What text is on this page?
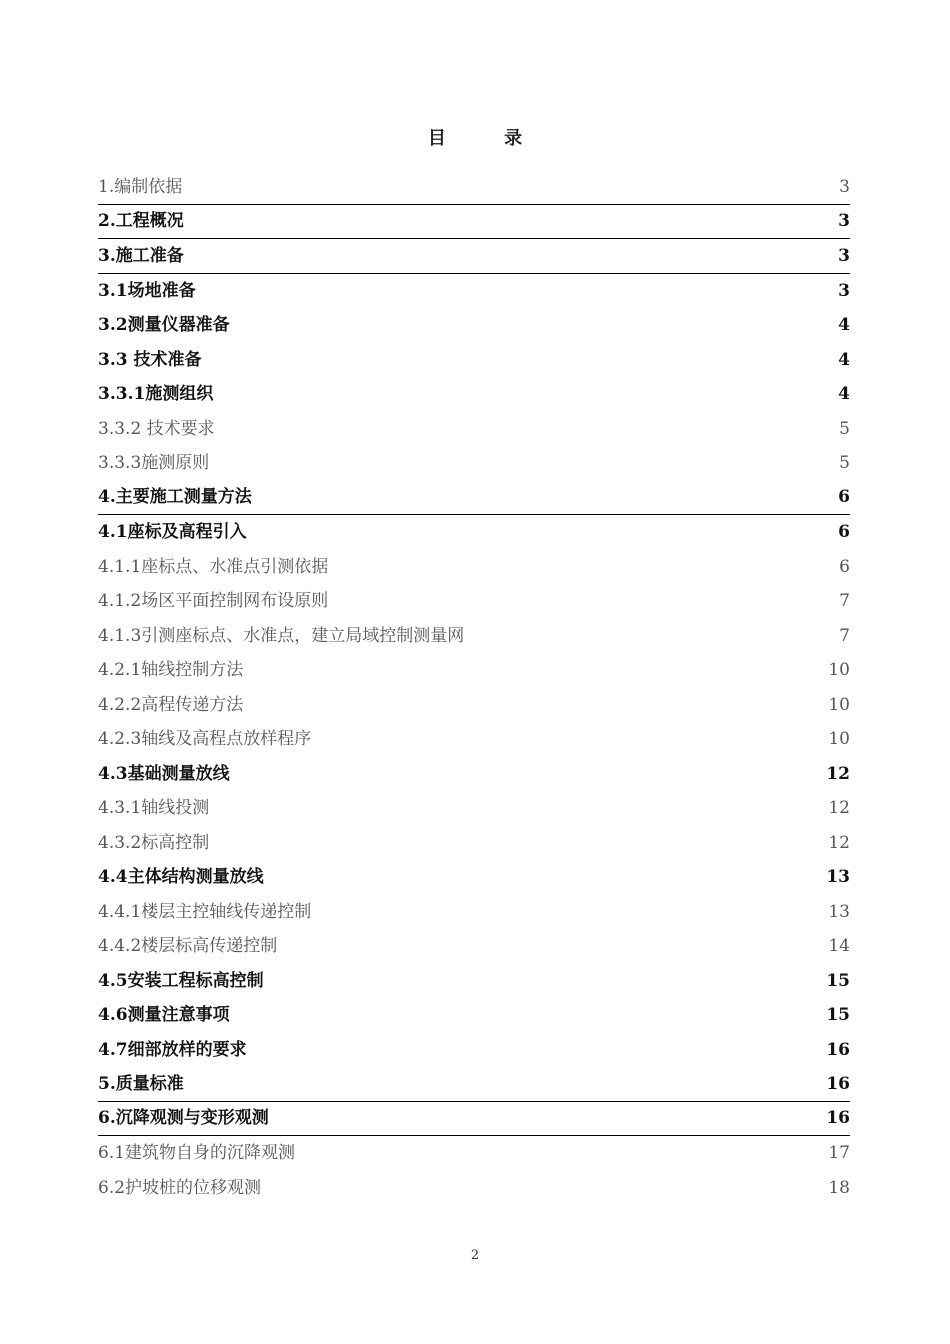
目 录
1.编制依据	3
2.工程概况	3
3.施工准备	3
3.1场地准备	3
3.2测量仪器准备	4
3.3 技术准备	4
3.3.1施测组织	4
3.3.2 技术要求	5
3.3.3施测原则	5
4.主要施工测量方法	6
4.1座标及高程引入	6
4.1.1座标点、水准点引测依据	6
4.1.2场区平面控制网布设原则	7
4.1.3引测座标点、水准点，建立局域控制测量网	7
4.2.1轴线控制方法	10
4.2.2高程传递方法	10
4.2.3轴线及高程点放样程序	10
4.3基础测量放线	12
4.3.1轴线投测	12
4.3.2标高控制	12
4.4主体结构测量放线	13
4.4.1楼层主控轴线传递控制	13
4.4.2楼层标高传递控制	14
4.5安装工程标高控制	15
4.6测量注意事项	15
4.7细部放样的要求	16
5.质量标准	16
6.沉降观测与变形观测	16
6.1建筑物自身的沉降观测	17
6.2护坡桩的位移观测	18
2
